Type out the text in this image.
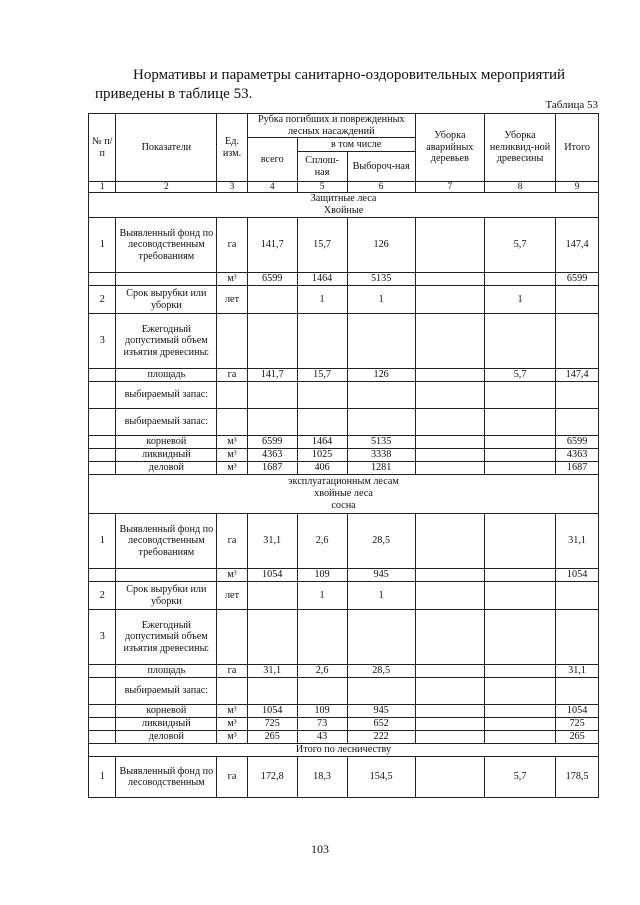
Нормативы и параметры санитарно-оздоровительных мероприятий приведены в таблице 53.

Таблица 53
№ п/п	Показатели	Ед. изм.	Рубка погибших и поврежденных лесных насаждений			Уборка аварийных деревьев	Уборка неликвид-ной древесины	Итого
			всего	в том числе				
				Сплош-ная	Выбороч-ная			
1	2	3	4	5	6	7	8	9

Защитные леса
Хвойные								

1	Выявленный фонд по лесоводственным требованиям	га	141,7	15,7	126		5,7	147,4
		м³	6599	1464	5135			6599
2	Срок вырубки или уборки	лет		1	1		1	
3	Ежегодный допустимый объем изъятия древесины:							
	площадь	га	141,7	15,7	126		5,7	147,4
	выбираемый запас:							
	выбираемый запас:							
	корневой	м³	6599	1464	5135			6599
	ликвидный	м³	4363	1025	3338			4363
	деловой	м³	1687	406	1281			1687

эксплуатационным лесам
хвойные леса
сосна								

1	Выявленный фонд по лесоводственным требованиям	га	31,1	2,6	28,5			31,1
		м³	1054	109	945			1054
2	Срок вырубки или уборки	лет		1	1			
3	Ежегодный допустимый объем изъятия древесины:							
	площадь	га	31,1	2,6	28,5			31,1
	выбираемый запас:							
	корневой	м³	1054	109	945			1054
	ликвидный	м³	725	73	652			725
	деловой	м³	265	43	222			265

Итого по лесничеству								

1	Выявленный фонд по лесоводственным	га	172,8	18,3	154,5		5,7	178,5
103
